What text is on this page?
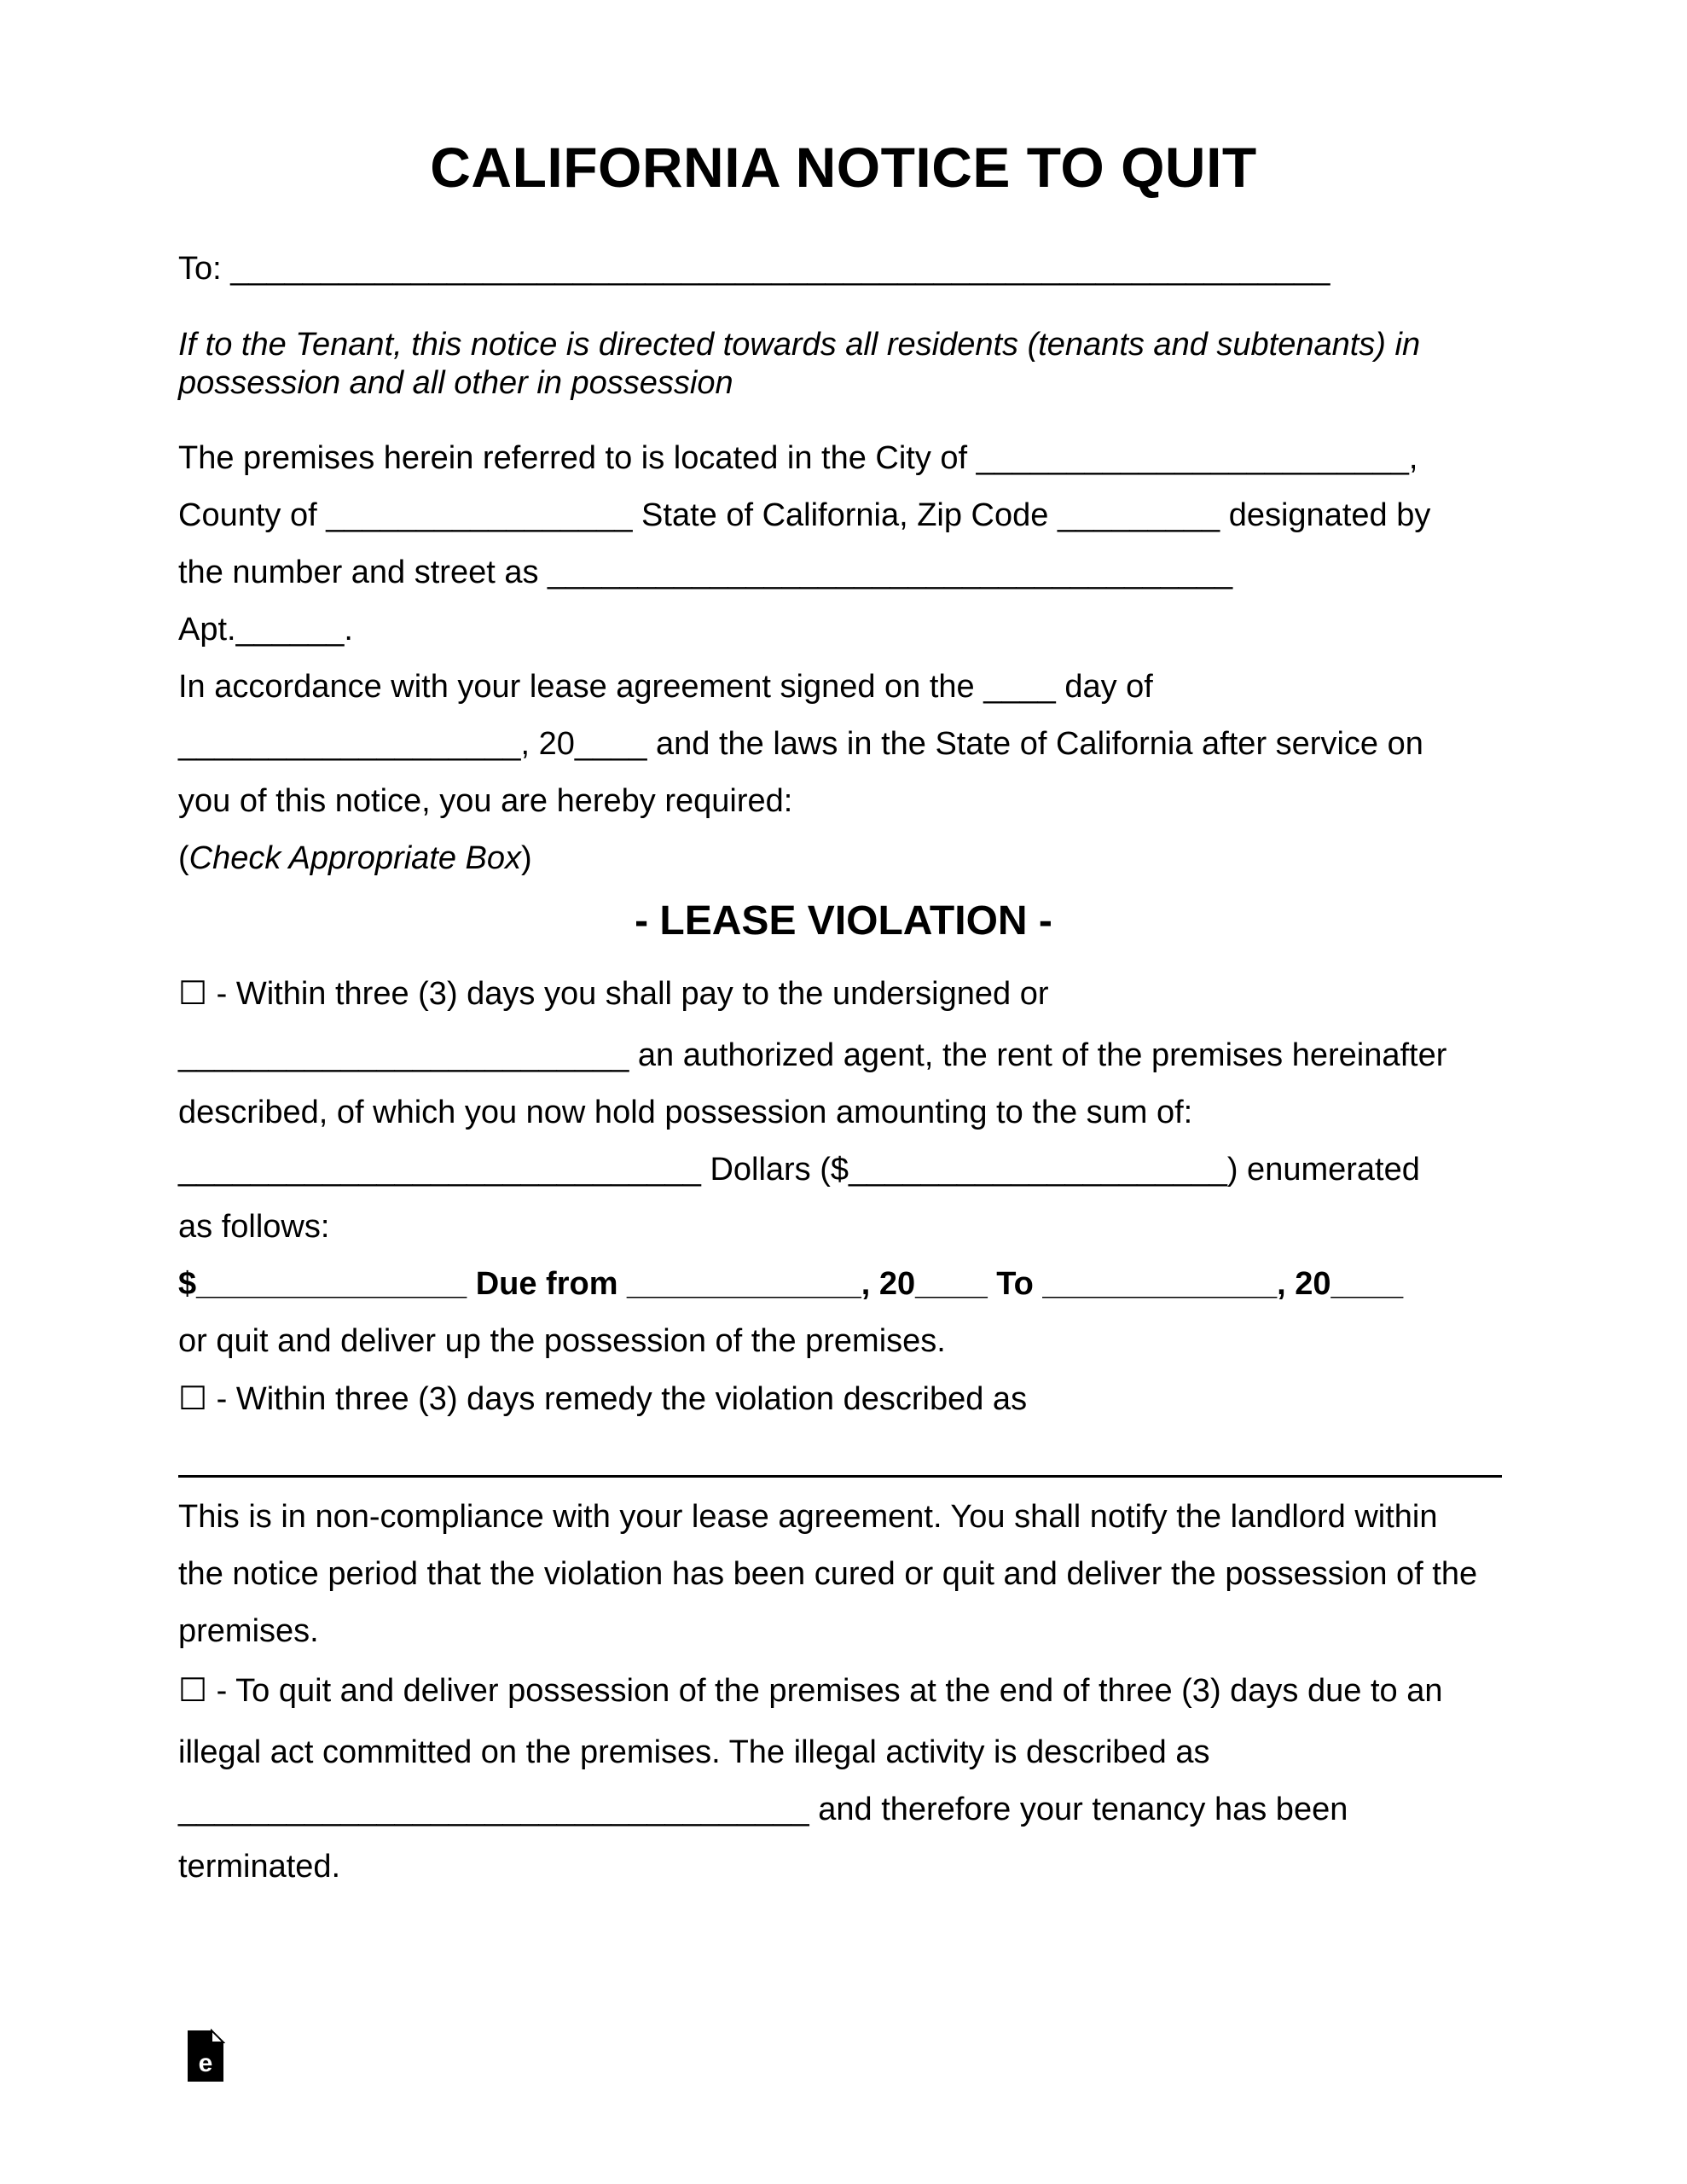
CALIFORNIA NOTICE TO QUIT
To: _____________________________________________________________
If to the Tenant, this notice is directed towards all residents (tenants and subtenants) in
possession and all other in possession
The premises herein referred to is located in the City of ________________________,
County of _________________ State of California, Zip Code _________ designated by
the number and street as ______________________________________
Apt.______.
In accordance with your lease agreement signed on the ____ day of
___________________, 20____ and the laws in the State of California after service on
you of this notice, you are hereby required:
(Check Appropriate Box)
- LEASE VIOLATION -
☐ - Within three (3) days you shall pay to the undersigned or
_________________________ an authorized agent, the rent of the premises hereinafter
described, of which you now hold possession amounting to the sum of:
_____________________________ Dollars ($_____________________) enumerated
as follows:
$_______________ Due from _____________, 20____ To _____________, 20____
or quit and deliver up the possession of the premises.
☐ - Within three (3) days remedy the violation described as
This is in non-compliance with your lease agreement. You shall notify the landlord within
the notice period that the violation has been cured or quit and deliver the possession of the
premises.
☐ - To quit and deliver possession of the premises at the end of three (3) days due to an
illegal act committed on the premises. The illegal activity is described as
___________________________________ and therefore your tenancy has been
terminated.
e
